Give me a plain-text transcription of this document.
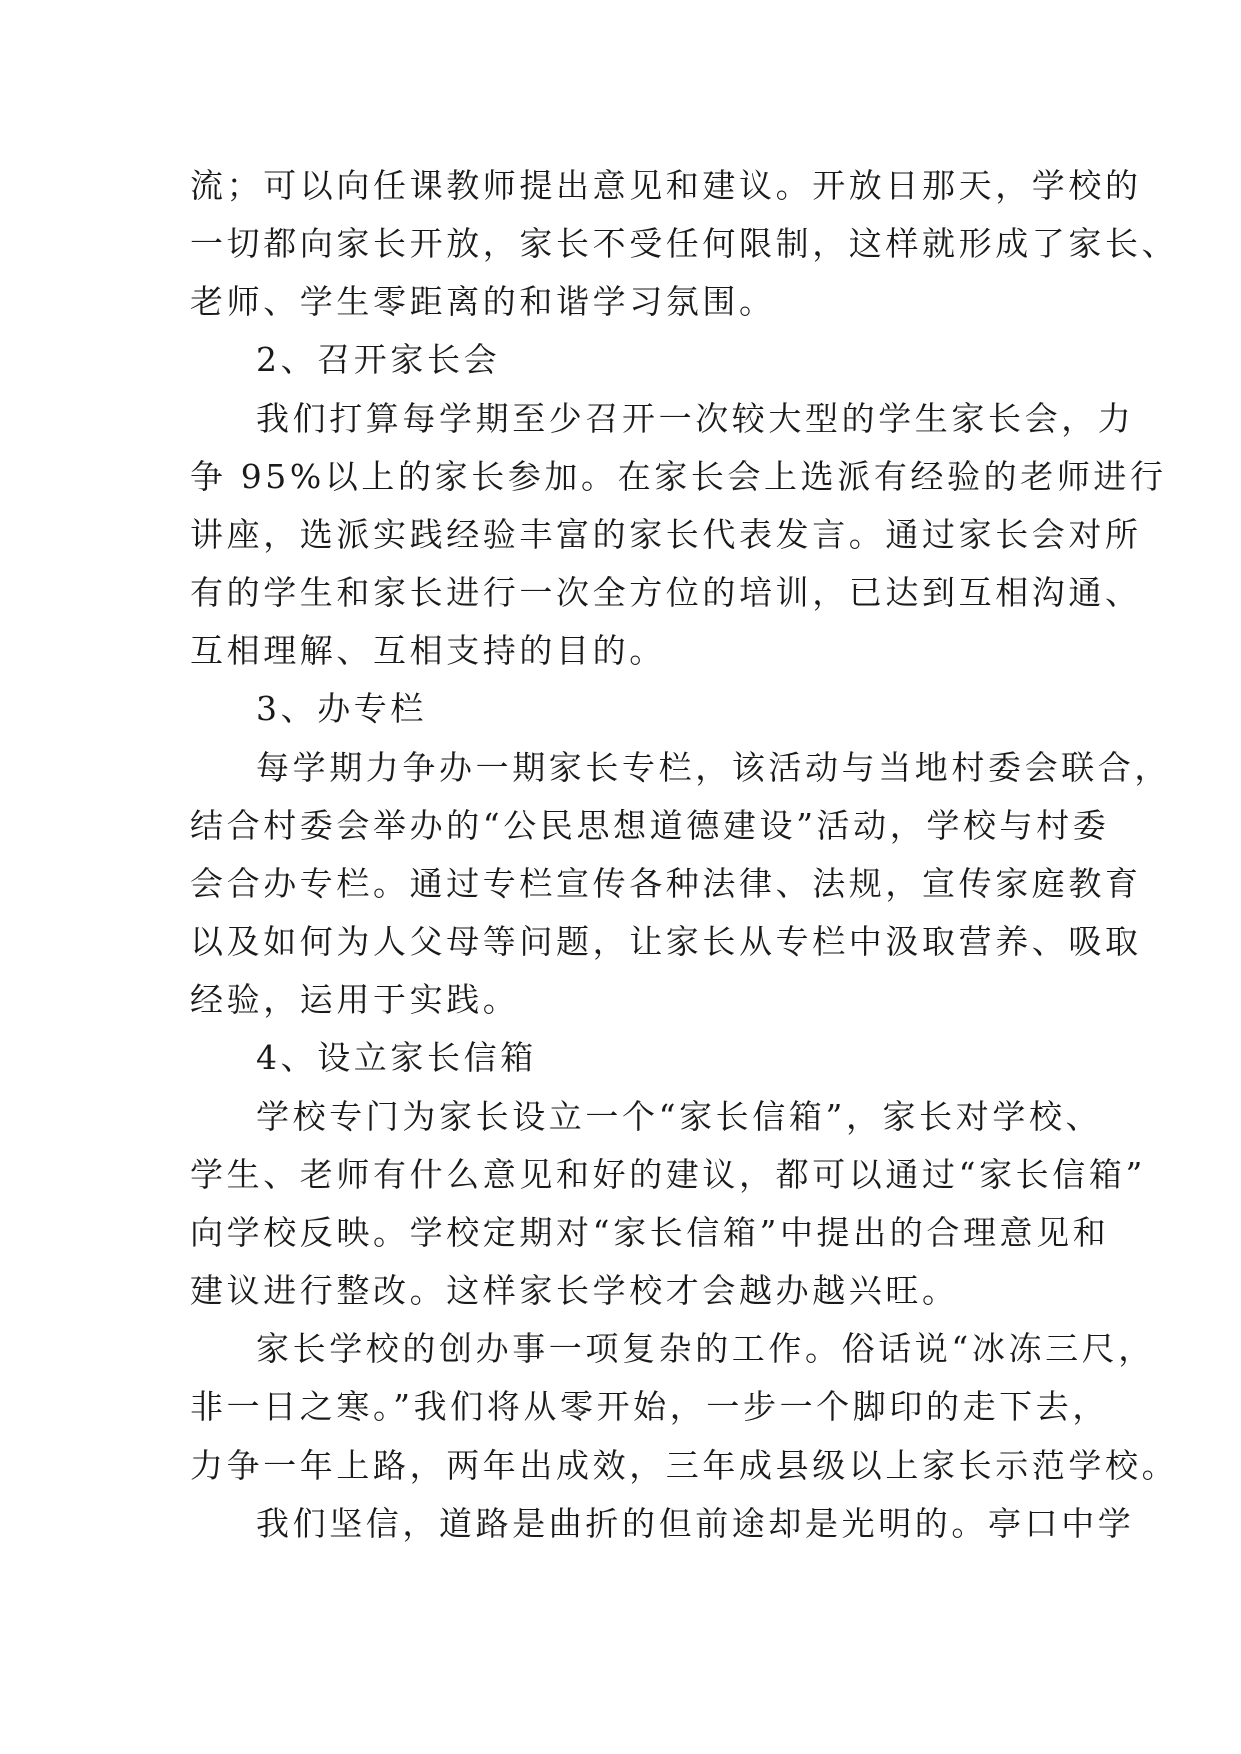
流；可以向任课教师提出意见和建议。开放日那天，学校的
一切都向家长开放，家长不受任何限制，这样就形成了家长、
老师、学生零距离的和谐学习氛围。
2、召开家长会
我们打算每学期至少召开一次较大型的学生家长会，力
争 95%以上的家长参加。在家长会上选派有经验的老师进行
讲座，选派实践经验丰富的家长代表发言。通过家长会对所
有的学生和家长进行一次全方位的培训，已达到互相沟通、
互相理解、互相支持的目的。
3、办专栏
每学期力争办一期家长专栏，该活动与当地村委会联合，
结合村委会举办的“公民思想道德建设”活动，学校与村委
会合办专栏。通过专栏宣传各种法律、法规，宣传家庭教育
以及如何为人父母等问题，让家长从专栏中汲取营养、吸取
经验，运用于实践。
4、设立家长信箱
学校专门为家长设立一个“家长信箱”，家长对学校、
学生、老师有什么意见和好的建议，都可以通过“家长信箱”
向学校反映。学校定期对“家长信箱”中提出的合理意见和
建议进行整改。这样家长学校才会越办越兴旺。
家长学校的创办事一项复杂的工作。俗话说“冰冻三尺，
非一日之寒。”我们将从零开始，一步一个脚印的走下去，
力争一年上路，两年出成效，三年成县级以上家长示范学校。
我们坚信，道路是曲折的但前途却是光明的。亭口中学
